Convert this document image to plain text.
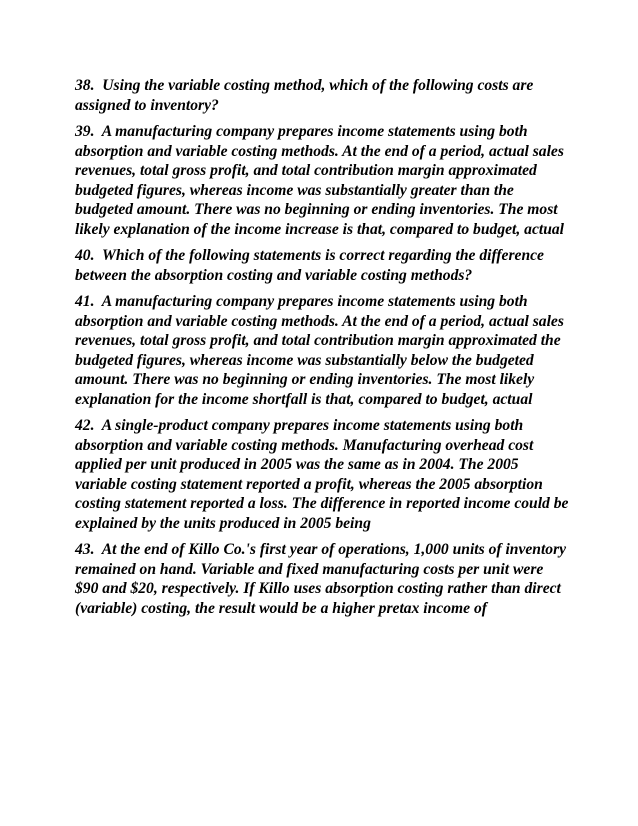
38. Using the variable costing method, which of the following costs are assigned to inventory?

39. A manufacturing company prepares income statements using both absorption and variable costing methods. At the end of a period, actual sales revenues, total gross profit, and total contribution margin approximated budgeted figures, whereas income was substantially greater than the budgeted amount. There was no beginning or ending inventories. The most likely explanation of the income increase is that, compared to budget, actual

40. Which of the following statements is correct regarding the difference between the absorption costing and variable costing methods?

41. A manufacturing company prepares income statements using both absorption and variable costing methods. At the end of a period, actual sales revenues, total gross profit, and total contribution margin approximated the budgeted figures, whereas income was substantially below the budgeted amount. There was no beginning or ending inventories. The most likely explanation for the income shortfall is that, compared to budget, actual

42. A single-product company prepares income statements using both absorption and variable costing methods. Manufacturing overhead cost applied per unit produced in 2005 was the same as in 2004. The 2005 variable costing statement reported a profit, whereas the 2005 absorption costing statement reported a loss. The difference in reported income could be explained by the units produced in 2005 being

43. At the end of Killo Co.'s first year of operations, 1,000 units of inventory remained on hand. Variable and fixed manufacturing costs per unit were $90 and $20, respectively. If Killo uses absorption costing rather than direct (variable) costing, the result would be a higher pretax income of
